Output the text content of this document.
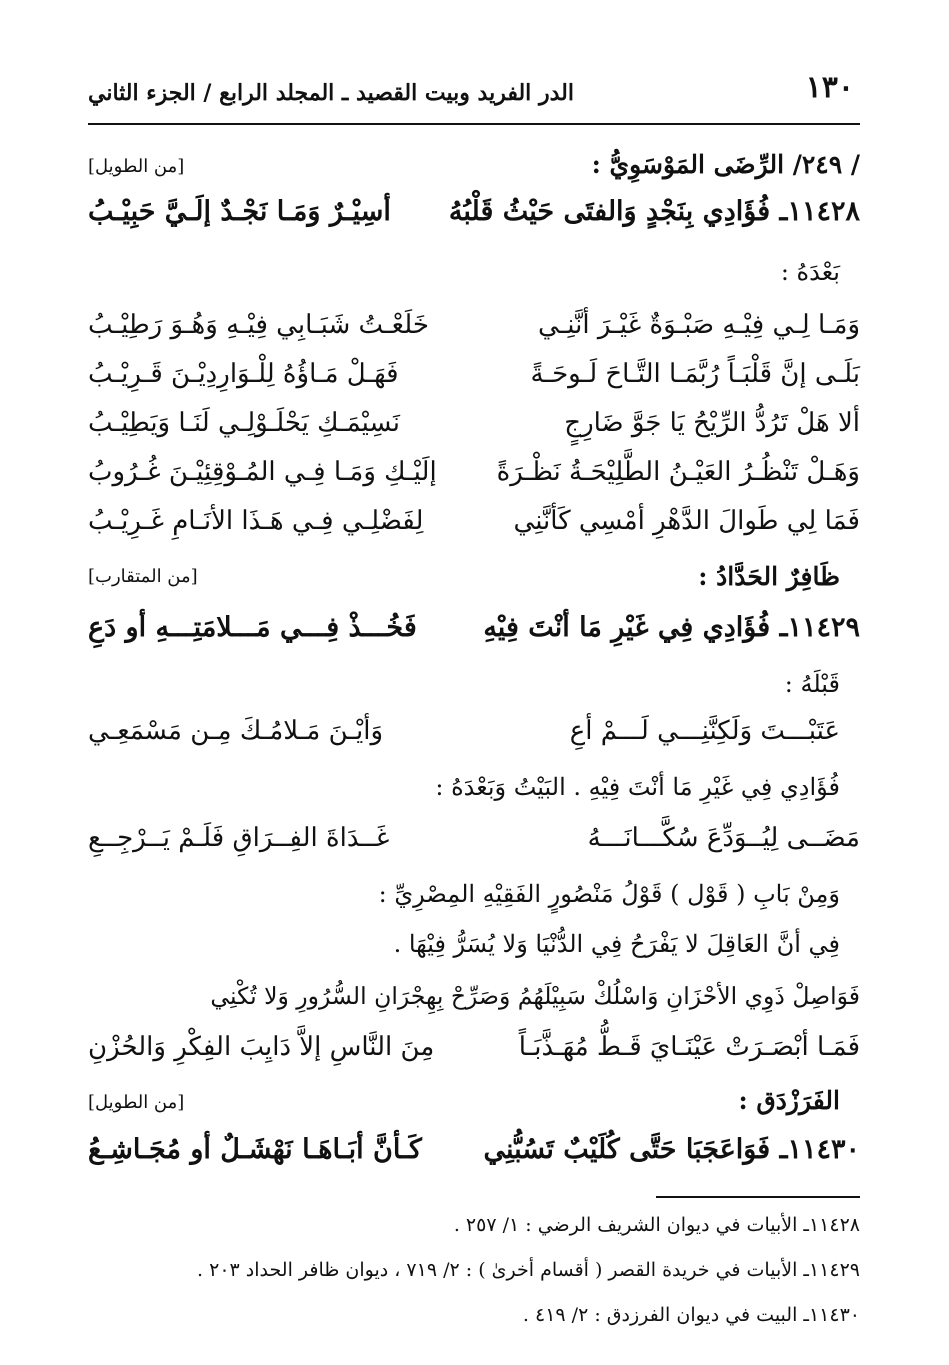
١٣٠
الدر الفريد وبيت القصيد ـ المجلد الرابع / الجزء الثاني
/ ٢٤٩/ الرِّضَى المَوْسَوِيُّ :
[من الطويل]
١١٤٢٨ـ فُؤَادِي بِنَجْدٍ وَالفتَى حَيْثُ قَلْبُهُ
أسِيْـرٌ وَمَـا نَجْـدٌ إلَـيَّ حَبِيْـبُ
بَعْدَهُ :
وَمَـا لِـي فِيْـهِ صَبْـوَةٌ غَيْـرَ أنَّنِـي
خَلَعْـتُ شَبَـابِي فِيْـهِ وَهُـوَ رَطِيْـبُ
بَلَـى إنَّ قَلْبَـاً رُبَّمَـا التَّـاحَ لَـوحَـةً
فَهَـلْ مَـاؤُهُ لِلْـوَارِدِيْـنَ قَـرِيْـبُ
ألا هَلْ تَرُدُّ الرِّيْحُ يَا جَوَّ ضَارِجٍ
نَسِيْمَـكِ يَحْلَـوْلِـي لَنَـا وَيَطِيْـبُ
وَهَـلْ تَنْظُـرُ العَيْـنُ الطَّلِيْحَـةُ نَظْـرَةً
إلَيْـكِ وَمَـا فِـي المُـوْقِئِيْـنَ غُـرُوبُ
فَمَا لِي طَوالَ الدَّهْرِ أمْسِي كَأنَّنِي
لِفَضْلِـي فِـي هَـذَا الأنَـامِ غَـرِيْـبُ
ظَافِرٌ الحَدَّادُ :
[من المتقارب]
١١٤٢٩ـ فُؤَادِي فِي غَيْرِ مَا أنْتَ فِيْهِ
فَخُـــذْ فِـــي مَـــلامَتِـــهِ أو دَعِ
قَبْلَهُ :
عَتَبْـــتَ وَلَكِنَّنِـــي لَـــمْ أعِ
وَأيْـنَ مَـلامُـكَ مِـن مَسْمَعِـي
فُؤَادِي فِي غَيْرِ مَا أنْتَ فِيْهِ . البَيْتُ وَبَعْدَهُ :
مَضَــى لِيُــوَدِّعَ سُكَّـــانَـــهُ
غَــدَاةَ الفِــرَاقِ فَلَـمْ يَــرْجِــعِ
وَمِنْ بَابِ ( قَوْل ) قَوْلُ مَنْصُورٍ الفَقِيْهِ المِصْرِيِّ :
فِي أنَّ العَاقِلَ لا يَفْرَحُ فِي الدُّنْيَا وَلا يُسَرُّ فِيْهَا .
فَوَاصِلْ ذَوِي الأحْزَانِ وَاسْلُكْ سَبِيْلَهُمُ وَصَرِّحْ بِهِجْرَانِ السُّرُورِ وَلا تُكْنِي
فَمَـا أبْصَـرَتْ عَيْنَـايَ قَـطُّ مُهَـذَّبَـاً
مِنَ النَّاسِ إلاَّ دَايِبَ الفِكْرِ وَالحُزْنِ
الفَرَزْدَق :
[من الطويل]
١١٤٣٠ـ فَوَاعَجَبَا حَتَّى كُلَيْبٌ تَسُبُّنِي
كَـأنَّ أبَـاهَـا نَهْشَـلٌ أو مُجَـاشِـعُ
١١٤٢٨ـ الأبيات في ديوان الشريف الرضي : ١/ ٢٥٧ .
١١٤٢٩ـ الأبيات في خريدة القصر ( أقسام أخرىٰ ) : ٢/ ٧١٩ ، ديوان ظافر الحداد ٢٠٣ .
١١٤٣٠ـ البيت في ديوان الفرزدق : ٢/ ٤١٩ .
